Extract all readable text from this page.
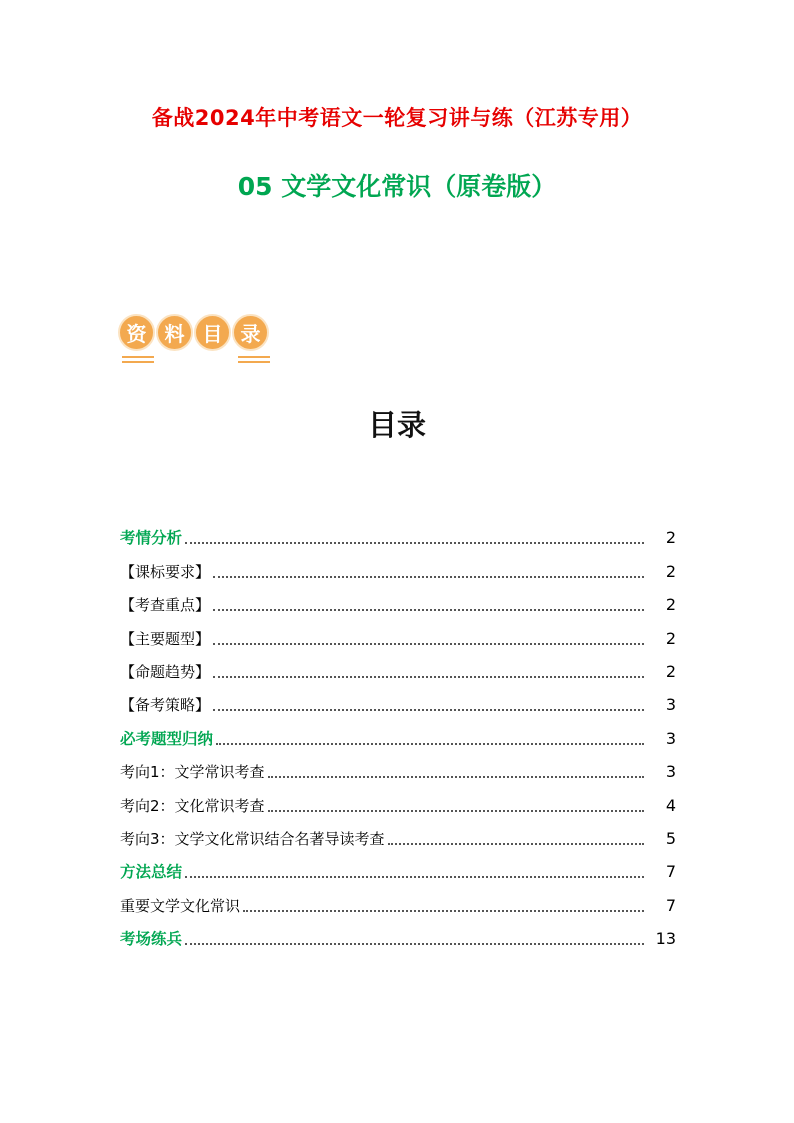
备战2024年中考语文一轮复习讲与练（江苏专用）
05 文学文化常识（原卷版）
资 料 目 录
目录
考情分析	2
【课标要求】	2
【考查重点】	2
【主要题型】	2
【命题趋势】	2
【备考策略】	3
必考题型归纳	3
考向1：文学常识考查	3
考向2：文化常识考查	4
考向3：文学文化常识结合名著导读考查	5
方法总结	7
重要文学文化常识	7
考场练兵	13
